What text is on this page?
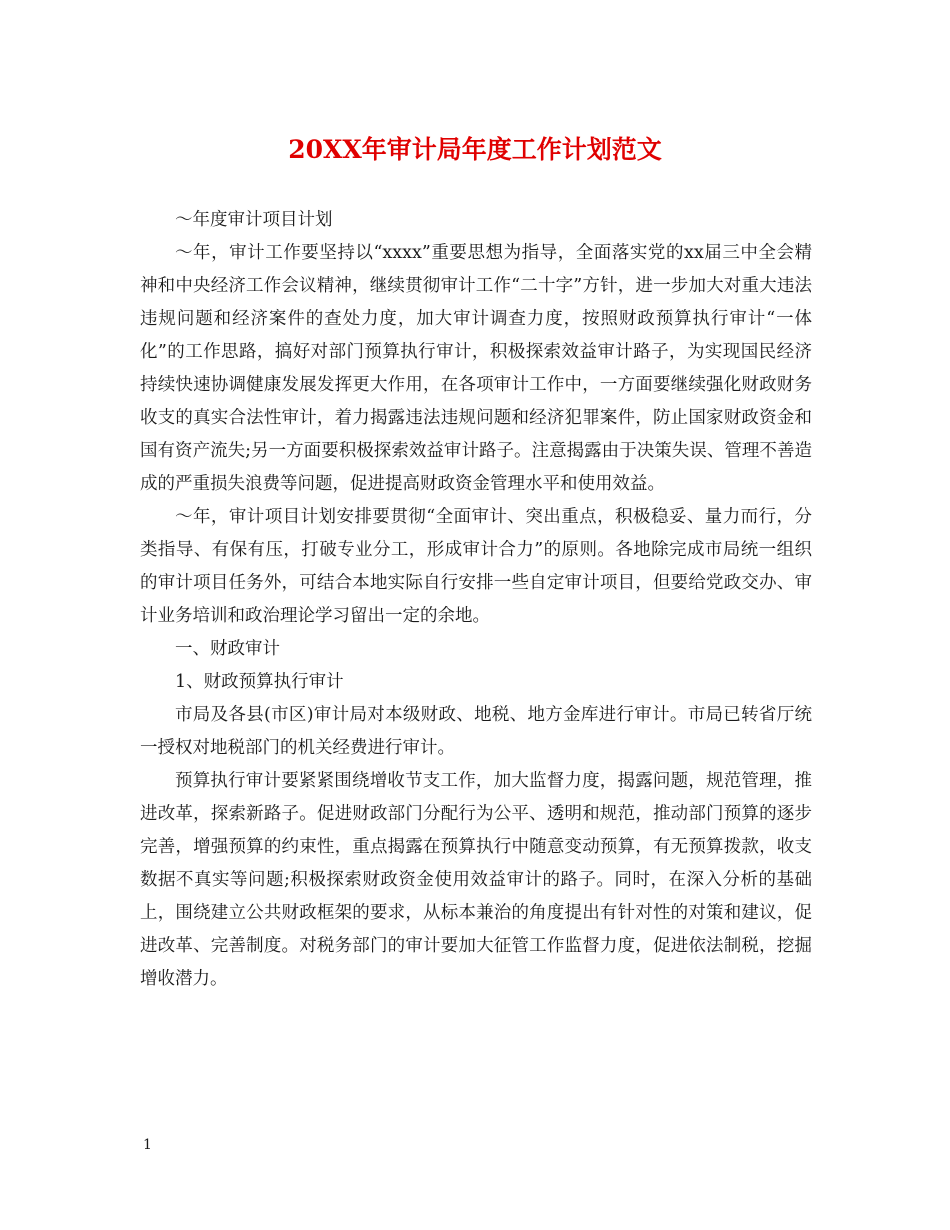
20XX年审计局年度工作计划范文

～年度审计项目计划

～年，审计工作要坚持以“xxxx”重要思想为指导，全面落实党的xx届三中全会精神和中央经济工作会议精神，继续贯彻审计工作“二十字”方针，进一步加大对重大违法违规问题和经济案件的查处力度，加大审计调查力度，按照财政预算执行审计“一体化”的工作思路，搞好对部门预算执行审计，积极探索效益审计路子，为实现国民经济持续快速协调健康发展发挥更大作用，在各项审计工作中，一方面要继续强化财政财务收支的真实合法性审计，着力揭露违法违规问题和经济犯罪案件，防止国家财政资金和国有资产流失;另一方面要积极探索效益审计路子。注意揭露由于决策失误、管理不善造成的严重损失浪费等问题，促进提高财政资金管理水平和使用效益。

～年，审计项目计划安排要贯彻“全面审计、突出重点，积极稳妥、量力而行，分类指导、有保有压，打破专业分工，形成审计合力”的原则。各地除完成市局统一组织的审计项目任务外，可结合本地实际自行安排一些自定审计项目，但要给党政交办、审计业务培训和政治理论学习留出一定的余地。

一、财政审计

1、财政预算执行审计

市局及各县(市区)审计局对本级财政、地税、地方金库进行审计。市局已转省厅统一授权对地税部门的机关经费进行审计。

预算执行审计要紧紧围绕增收节支工作，加大监督力度，揭露问题，规范管理，推进改革，探索新路子。促进财政部门分配行为公平、透明和规范，推动部门预算的逐步完善，增强预算的约束性，重点揭露在预算执行中随意变动预算，有无预算拨款，收支数据不真实等问题;积极探索财政资金使用效益审计的路子。同时，在深入分析的基础上，围绕建立公共财政框架的要求，从标本兼治的角度提出有针对性的对策和建议，促进改革、完善制度。对税务部门的审计要加大征管工作监督力度，促进依法制税，挖掘增收潜力。

1
